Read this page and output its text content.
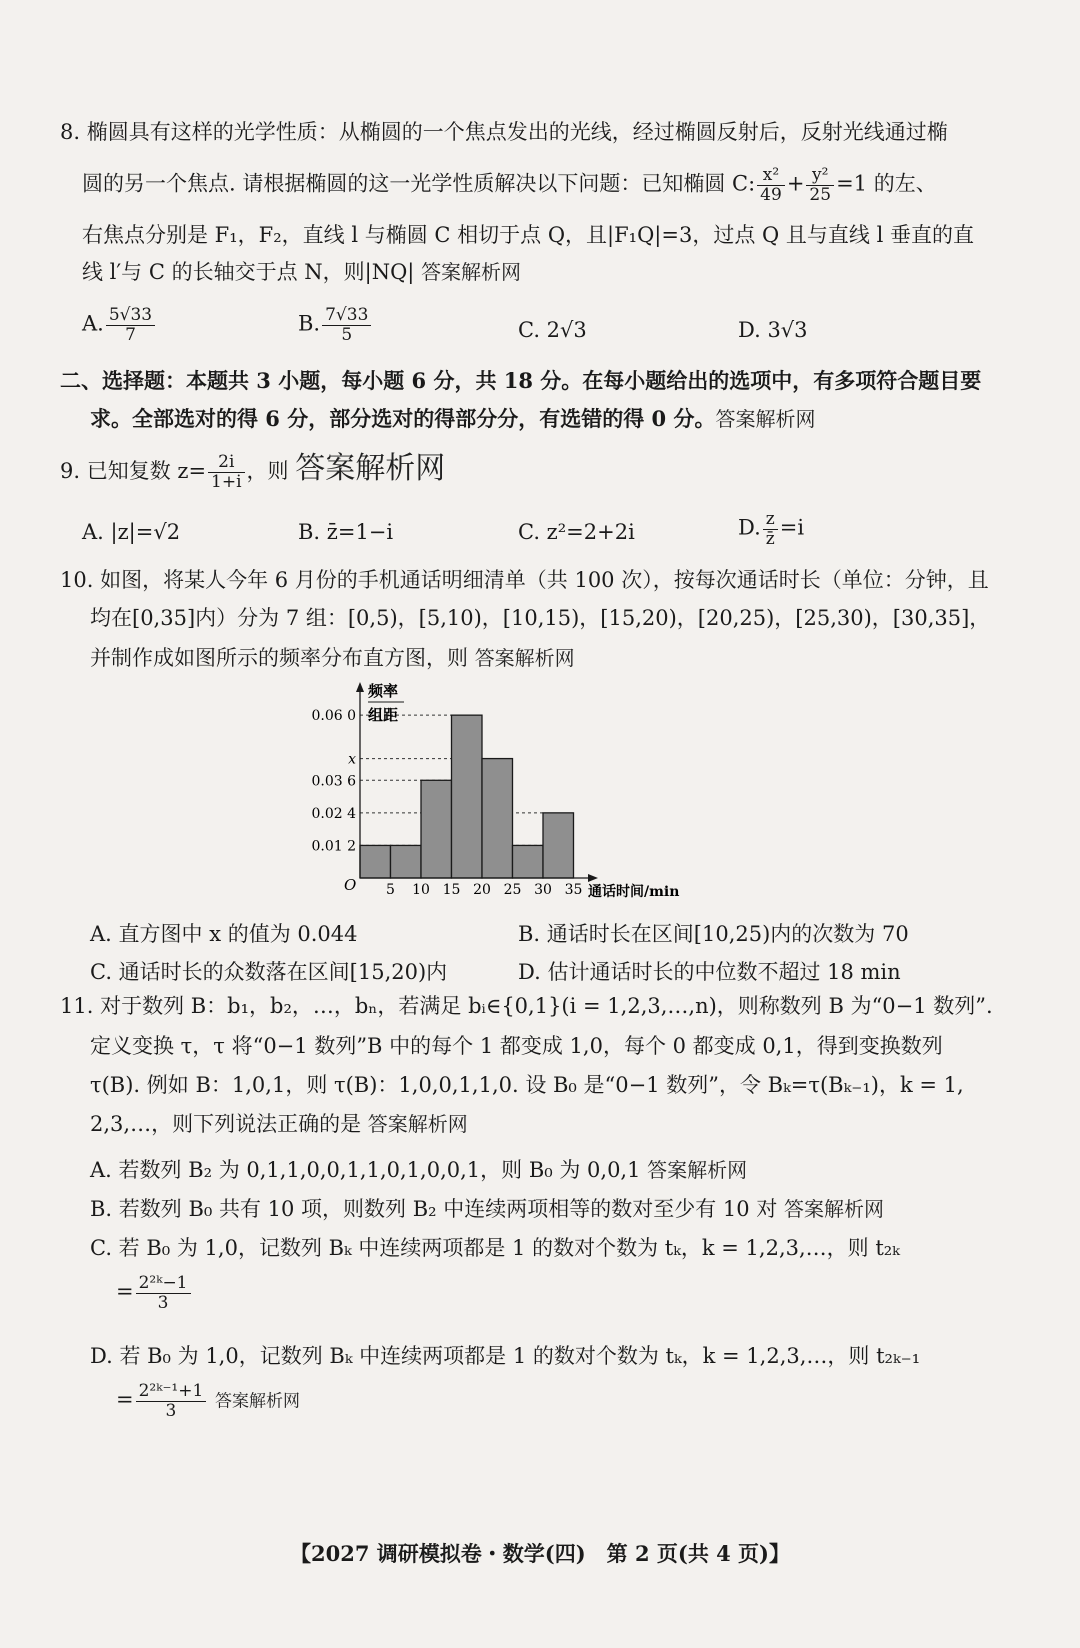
8. 椭圆具有这样的光学性质：从椭圆的一个焦点发出的光线，经过椭圆反射后，反射光线通过椭
圆的另一个焦点. 请根据椭圆的这一光学性质解决以下问题：已知椭圆 C: $\frac{\text{x²}}{49} + \frac{\text{y²}}{25} =1$ 的左、
右焦点分别是 F₁，F₂，直线 l 与椭圆 C 相切于点 Q，且|F₁Q|=3，过点 Q 且与直线 l 垂直的直
线 l′与 C 的长轴交于点 N，则|NQ| 答案解析网
A. $\frac{5√33}{7}$	B. $\frac{7√33}{5}$	C. 2√3	D. 3√3
二、选择题：本题共 3 小题，每小题 6 分，共 18 分。在每小题给出的选项中，有多项符合题目要
求。全部选对的得 6 分，部分选对的得部分分，有选错的得 0 分。答案解析网
9. 已知复数 $z= \frac{2i}{1+i}$ ，则 答案解析网
A. |z|=√2	B. z̄=1−i	C. z²=2+2i	D. $\frac{z}{z̄} =i$
10. 如图，将某人今年 6 月份的手机通话明细清单（共 100 次），按每次通话时长（单位：分钟，且
均在[0,35]内）分为 7 组：[0,5)，[5,10)，[10,15)，[15,20)，[20,25)，[25,30)，[30,35]，
并制作成如图所示的频率分布直方图，则 答案解析网
频率
组距
O
0.01 2
0.02 4
0.03 6
x
0.06 0
5 10 15 20 25 30 35 通话时间/min
A. 直方图中 x 的值为 0.044	B. 通话时长在区间[10,25)内的次数为 70
C. 通话时长的众数落在区间[15,20)内	D. 估计通话时长的中位数不超过 18 min
11. 对于数列 B：b₁，b₂，…，bₙ，若满足 bᵢ∈{0,1}(i = 1,2,3,…,n)，则称数列 B 为“0−1 数列”.
定义变换 τ，τ 将“0−1 数列”B 中的每个 1 都变成 1,0，每个 0 都变成 0,1，得到变换数列
τ(B). 例如 B：1,0,1，则 τ(B)：1,0,0,1,1,0. 设 B₀ 是“0−1 数列”，令 Bₖ=τ(Bₖ₋₁)，k = 1,
2,3,…，则下列说法正确的是 答案解析网
A. 若数列 B₂ 为 0,1,1,0,0,1,1,0,1,0,0,1，则 B₀ 为 0,0,1 答案解析网
B. 若数列 B₀ 共有 10 项，则数列 B₂ 中连续两项相等的数对至少有 10 对 答案解析网
C. 若 B₀ 为 1,0，记数列 Bₖ 中连续两项都是 1 的数对个数为 tₖ，k = 1,2,3,…，则 t₂ₖ
= $\frac{\text{2²ᵏ−1}}{3}$
D. 若 B₀ 为 1,0，记数列 Bₖ 中连续两项都是 1 的数对个数为 tₖ，k = 1,2,3,…，则 t₂ₖ₋₁
= $\frac{\text{2²ᵏ⁻¹+1}}{3}$ 答案解析网
【2027 调研模拟卷・数学(四)　第 2 页(共 4 页)】
